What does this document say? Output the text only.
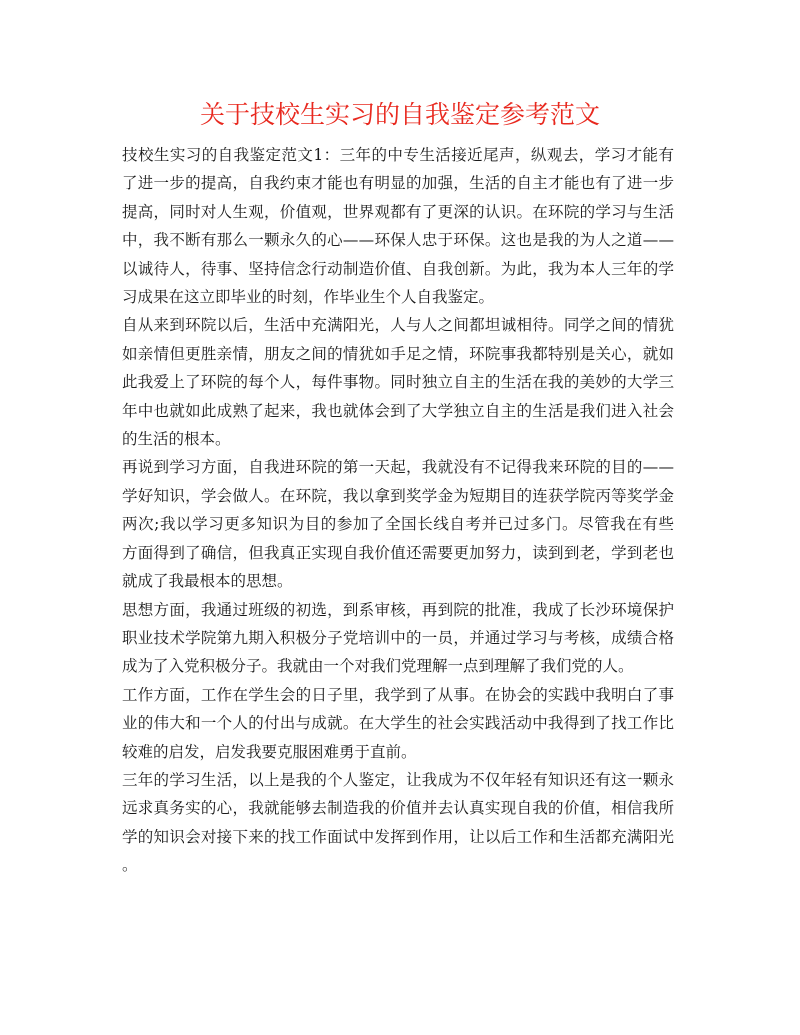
关于技校生实习的自我鉴定参考范文

技校生实习的自我鉴定范文1：三年的中专生活接近尾声，纵观去，学习才能有
了进一步的提高，自我约束才能也有明显的加强，生活的自主才能也有了进一步
提高，同时对人生观，价值观，世界观都有了更深的认识。在环院的学习与生活
中，我不断有那么一颗永久的心——环保人忠于环保。这也是我的为人之道——
以诚待人，待事、坚持信念行动制造价值、自我创新。为此，我为本人三年的学
习成果在这立即毕业的时刻，作毕业生个人自我鉴定。

自从来到环院以后，生活中充满阳光，人与人之间都坦诚相待。同学之间的情犹
如亲情但更胜亲情，朋友之间的情犹如手足之情，环院事我都特别是关心，就如
此我爱上了环院的每个人，每件事物。同时独立自主的生活在我的美妙的大学三
年中也就如此成熟了起来，我也就体会到了大学独立自主的生活是我们进入社会
的生活的根本。

再说到学习方面，自我进环院的第一天起，我就没有不记得我来环院的目的——
学好知识，学会做人。在环院，我以拿到奖学金为短期目的连获学院丙等奖学金
两次;我以学习更多知识为目的参加了全国长线自考并已过多门。尽管我在有些
方面得到了确信，但我真正实现自我价值还需要更加努力，读到到老，学到老也
就成了我最根本的思想。

思想方面，我通过班级的初选，到系审核，再到院的批准，我成了长沙环境保护
职业技术学院第九期入积极分子党培训中的一员，并通过学习与考核，成绩合格
成为了入党积极分子。我就由一个对我们党理解一点到理解了我们党的人。

工作方面，工作在学生会的日子里，我学到了从事。在协会的实践中我明白了事
业的伟大和一个人的付出与成就。在大学生的社会实践活动中我得到了找工作比
较难的启发，启发我要克服困难勇于直前。

三年的学习生活，以上是我的个人鉴定，让我成为不仅年轻有知识还有这一颗永
远求真务实的心，我就能够去制造我的价值并去认真实现自我的价值，相信我所
学的知识会对接下来的找工作面试中发挥到作用，让以后工作和生活都充满阳光
。
